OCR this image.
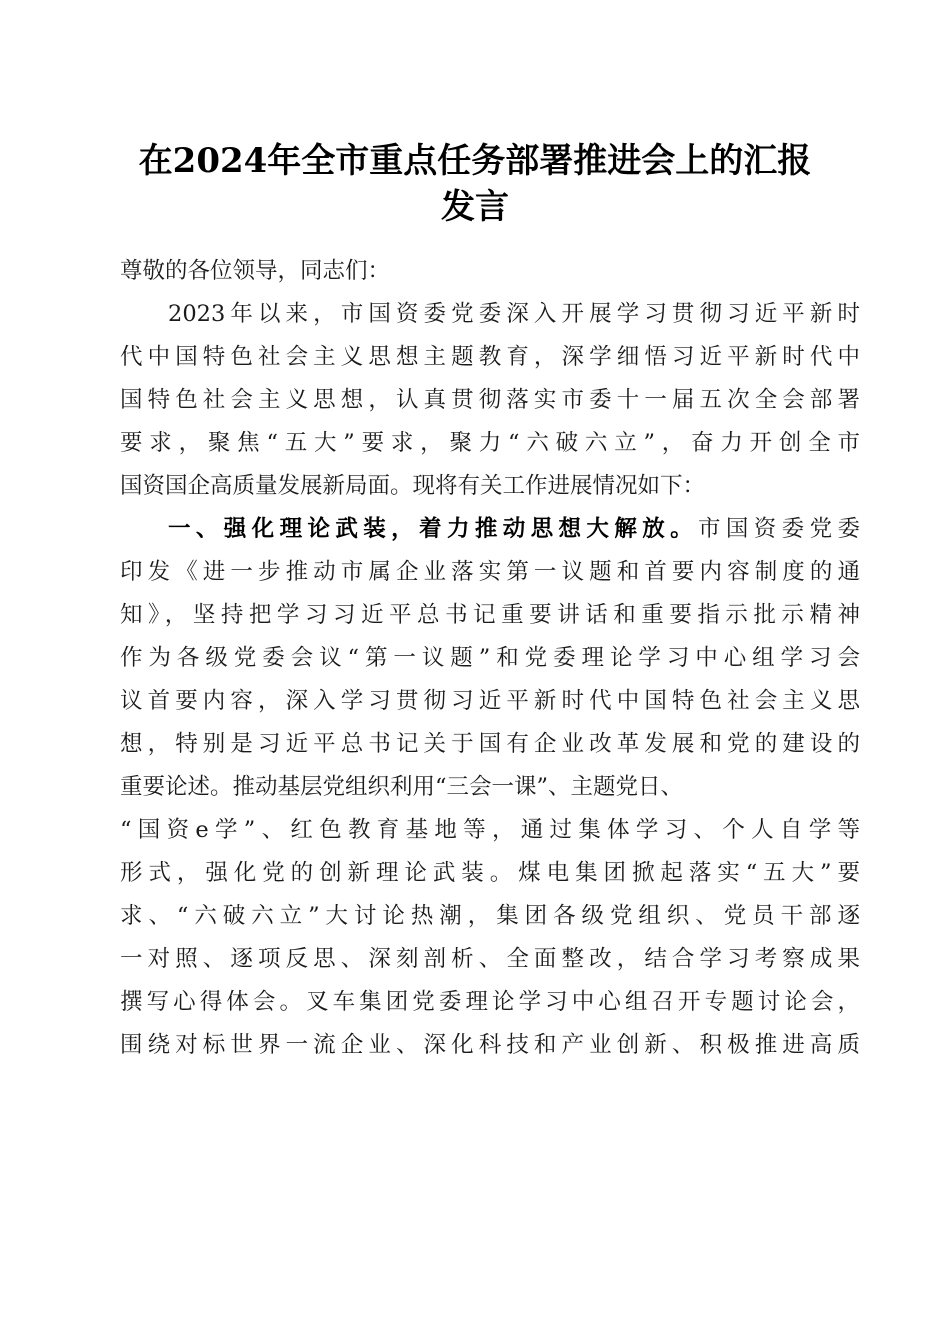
在2024年全市重点任务部署推进会上的汇报
发言
尊敬的各位领导，同志们：
2023年以来，市国资委党委深入开展学习贯彻习近平新时
代中国特色社会主义思想主题教育，深学细悟习近平新时代中
国特色社会主义思想，认真贯彻落实市委十一届五次全会部署
要求，聚焦“五大”要求，聚力“六破六立”，奋力开创全市
国资国企高质量发展新局面。现将有关工作进展情况如下：
一、强化理论武装，着力推动思想大解放。市国资委党委
印发《进一步推动市属企业落实第一议题和首要内容制度的通
知》，坚持把学习习近平总书记重要讲话和重要指示批示精神
作为各级党委会议“第一议题”和党委理论学习中心组学习会
议首要内容，深入学习贯彻习近平新时代中国特色社会主义思
想，特别是习近平总书记关于国有企业改革发展和党的建设的
重要论述。推动基层党组织利用“三会一课”、主题党日、
“国资e学”、红色教育基地等，通过集体学习、个人自学等
形式，强化党的创新理论武装。煤电集团掀起落实“五大”要
求、“六破六立”大讨论热潮，集团各级党组织、党员干部逐
一对照、逐项反思、深刻剖析、全面整改，结合学习考察成果
撰写心得体会。叉车集团党委理论学习中心组召开专题讨论会，
围绕对标世界一流企业、深化科技和产业创新、积极推进高质
